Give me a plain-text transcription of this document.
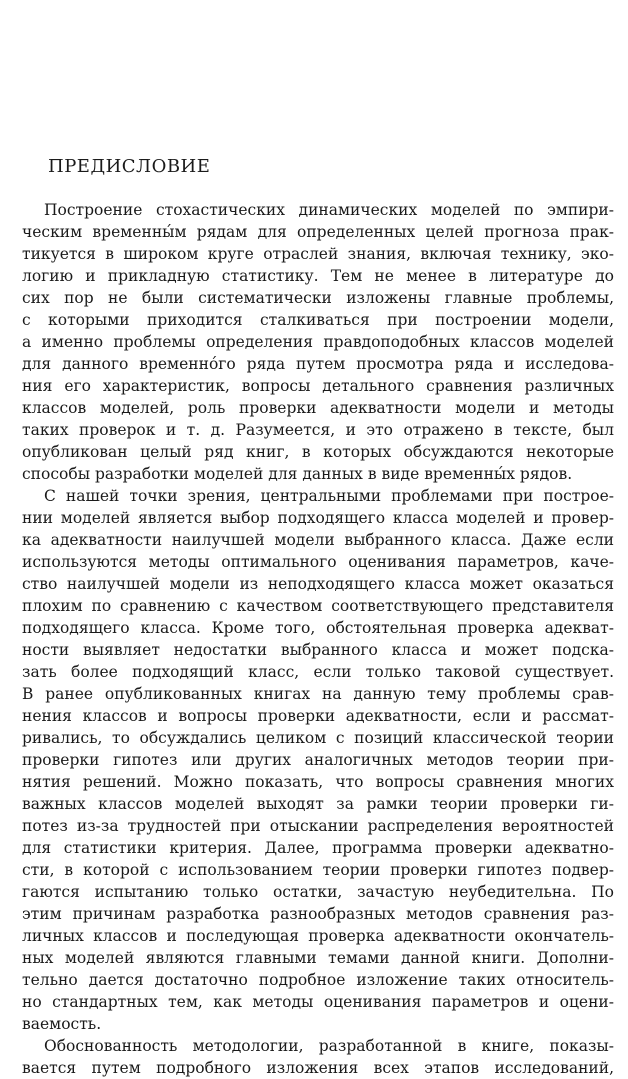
ПРЕДИСЛОВИЕ
Построение стохастических динамических моделей по эмпири-
ческим временны́м рядам для определенных целей прогноза прак-
тикуется в широком круге отраслей знания, включая технику, эко-
логию и прикладную статистику. Тем не менее в литературе до
сих пор не были систематически изложены главные проблемы,
с которыми приходится сталкиваться при построении модели,
а именно проблемы определения правдоподобных классов моделей
для данного временно́го ряда путем просмотра ряда и исследова-
ния его характеристик, вопросы детального сравнения различных
классов моделей, роль проверки адекватности модели и методы
таких проверок и т. д. Разумеется, и это отражено в тексте, был
опубликован целый ряд книг, в которых обсуждаются некоторые
способы разработки моделей для данных в виде временны́х рядов.
С нашей точки зрения, центральными проблемами при построе-
нии моделей является выбор подходящего класса моделей и провер-
ка адекватности наилучшей модели выбранного класса. Даже если
используются методы оптимального оценивания параметров, каче-
ство наилучшей модели из неподходящего класса может оказаться
плохим по сравнению с качеством соответствующего представителя
подходящего класса. Кроме того, обстоятельная проверка адекват-
ности выявляет недостатки выбранного класса и может подска-
зать более подходящий класс, если только таковой существует.
В ранее опубликованных книгах на данную тему проблемы срав-
нения классов и вопросы проверки адекватности, если и рассмат-
ривались, то обсуждались целиком с позиций классической теории
проверки гипотез или других аналогичных методов теории при-
нятия решений. Можно показать, что вопросы сравнения многих
важных классов моделей выходят за рамки теории проверки ги-
потез из-за трудностей при отыскании распределения вероятностей
для статистики критерия. Далее, программа проверки адекватно-
сти, в которой с использованием теории проверки гипотез подвер-
гаются испытанию только остатки, зачастую неубедительна. По
этим причинам разработка разнообразных методов сравнения раз-
личных классов и последующая проверка адекватности окончатель-
ных моделей являются главными темами данной книги. Дополни-
тельно дается достаточно подробное изложение таких относитель-
но стандартных тем, как методы оценивания параметров и оцени-
ваемость.
Обоснованность методологии, разработанной в книге, показы-
вается путем подробного изложения всех этапов исследований,
